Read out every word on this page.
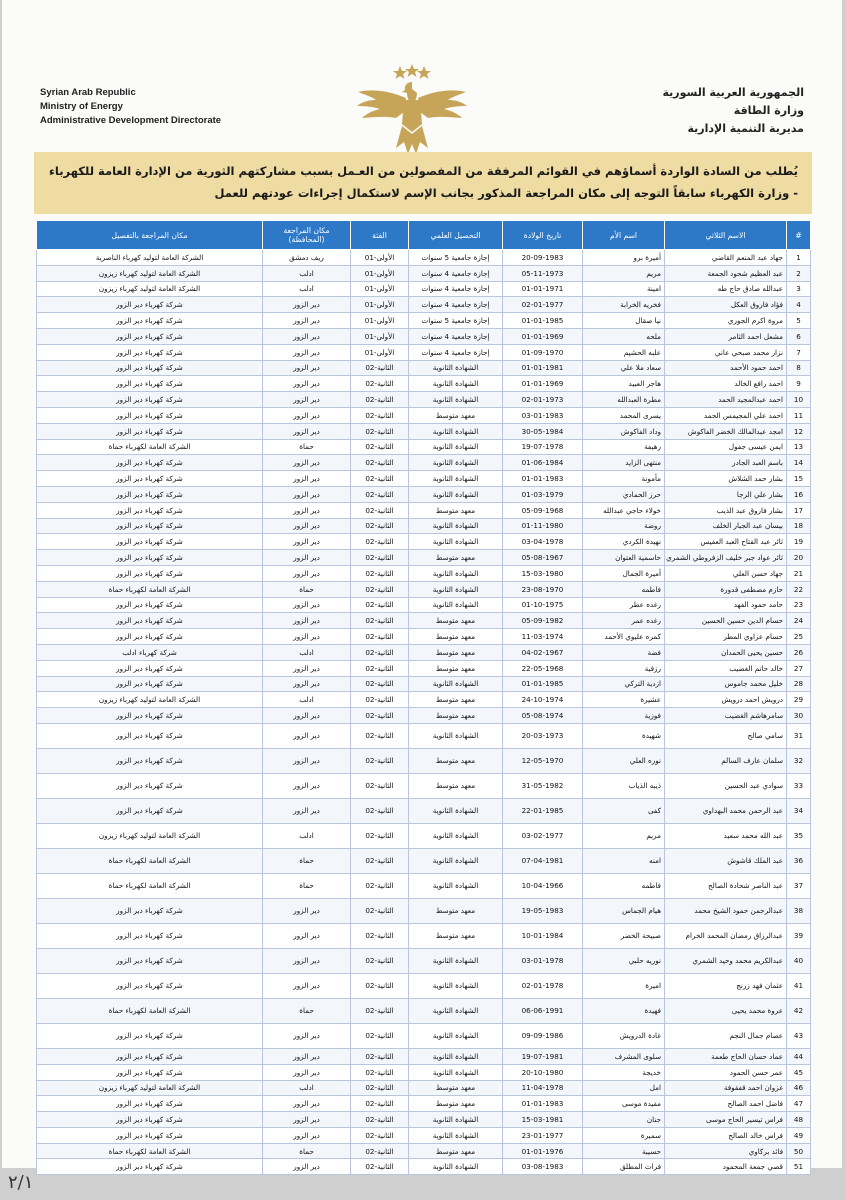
Syrian Arab Republic
Ministry of Energy
Administrative Development Directorate
الجمهورية العربية السورية
وزارة الطاقة
مديرية التنمية الإدارية
يُطلب من السادة الواردة أسماؤهم في القوائم المرفقة من المفصولين من العـمل بسبب مشاركتهم الثورية من الإدارة العامة للكهرباء - وزارة الكهرباء سابقاً التوجه إلى مكان المراجعة المذكور بجانب الإسم لاستكمال إجراءات عودتهم للعمل
#	الاسم الثلاثي	اسم الأم	تاريخ الولادة	التحصيل العلمي	الفئة	مكان المراجعة (المحافظة)	مكان المراجعة بالتفصيل
1	جهاد عبد المنعم القاضي	أميرة برو	20-09-1983	إجازة جامعية 5 سنوات	الأولى-01	ريف دمشق	الشركة العامة لتوليد كهرباء الناصرية
2	عبد العظيم شحود الجمعة	مريم	05-11-1973	إجازة جامعية 4 سنوات	الأولى-01	ادلب	الشركة العامة لتوليد كهرباء زيزون
3	عبدالله صادق حاج طه	امينة	01-01-1971	إجازة جامعية 4 سنوات	الأولى-01	ادلب	الشركة العامة لتوليد كهرباء زيزون
4	فؤاد فاروق العكل	فخريه الخرابة	02-01-1977	إجازة جامعية 4 سنوات	الأولى-01	دير الزور	شركة كهرباء دير الزور
5	مروة اكرم الجوري	نيا صقال	01-01-1985	إجازة جامعية 5 سنوات	الأولى-01	دير الزور	شركة كهرباء دير الزور
6	مشعل احمد الثامر	ملحه	01-01-1969	إجازة جامعية 4 سنوات	الأولى-01	دير الزور	شركة كهرباء دير الزور
7	نزار محمد صبحي عاني	علبه الحشيم	01-09-1970	إجازة جامعية 4 سنوات	الأولى-01	دير الزور	شركة كهرباء دير الزور
8	احمد حمود الأحمد	سعاد ملا علي	01-01-1981	الشهادة الثانوية	الثانية-02	دير الزور	شركة كهرباء دير الزور
9	احمد رافع الخالد	هاجر العبيد	01-01-1969	الشهادة الثانوية	الثانية-02	دير الزور	شركة كهرباء دير الزور
10	احمد عبدالمجيد الحمد	مطرة العبدالله	02-01-1973	الشهادة الثانوية	الثانية-02	دير الزور	شركة كهرباء دير الزور
11	احمد علي المجيمس الحمد	يسرى المحمد	03-01-1983	معهد متوسط	الثانية-02	دير الزور	شركة كهرباء دير الزور
12	امجد عبدالمالك الخضر الفاكوش	وداد الفاكوش	30-05-1984	الشهادة الثانوية	الثانية-02	دير الزور	شركة كهرباء دير الزور
13	ايمن عيسى جفول	رهيفة	19-07-1978	الشهادة الثانوية	الثانية-02	حماة	الشركة العامة لكهرباء حماة
14	باسم العبد الجادر	منتهى الزايد	01-06-1984	الشهادة الثانوية	الثانية-02	دير الزور	شركة كهرباء دير الزور
15	بشار حمد الشلاش	مأمونة	01-01-1983	الشهادة الثانوية	الثانية-02	دير الزور	شركة كهرباء دير الزور
16	بشار علي الرجا	حرز الحمادي	01-03-1979	الشهادة الثانوية	الثانية-02	دير الزور	شركة كهرباء دير الزور
17	بشار فاروق عبد الذيب	خولاء حاجي عبدالله	05-09-1968	معهد متوسط	الثانية-02	دير الزور	شركة كهرباء دير الزور
18	بيسان عبد الجبار الخلف	روضة	01-11-1980	الشهادة الثانوية	الثانية-02	دير الزور	شركة كهرباء دير الزور
19	ثائر عبد الفتاح العبد العفيس	نهيدة الكردي	03-04-1978	الشهادة الثانوية	الثانية-02	دير الزور	شركة كهرباء دير الزور
20	ثائر عواد جبر خليف الزفروطي الشمري	حاسمية العتوان	05-08-1967	معهد متوسط	الثانية-02	دير الزور	شركة كهرباء دير الزور
21	جهاد حسن العلي	أميرة الجمال	15-03-1980	الشهادة الثانوية	الثانية-02	دير الزور	شركة كهرباء دير الزور
22	حازم مصطفى قدورة	فاطمه	23-08-1970	الشهادة الثانوية	الثانية-02	حماة	الشركة العامة لكهرباء حماة
23	حامد حمود الفهد	رغده عطر	01-10-1975	الشهادة الثانوية	الثانية-02	دير الزور	شركة كهرباء دير الزور
24	حسام الدين حسين الحسين	رغده عمر	05-09-1982	معهد متوسط	الثانية-02	دير الزور	شركة كهرباء دير الزور
25	حسام عزاوي المطر	كمره عليوي الأحمد	11-03-1974	معهد متوسط	الثانية-02	دير الزور	شركة كهرباء دير الزور
26	حسين يحيى الحمدان	فضة	04-02-1967	معهد متوسط	الثانية-02	ادلب	شركة كهرباء ادلب
27	خالد حاتم الغضيب	رزقية	22-05-1968	معهد متوسط	الثانية-02	دير الزور	شركة كهرباء دير الزور
28	خليل محمد جاموس	ازدية التركي	01-01-1985	الشهادة الثانوية	الثانية-02	دير الزور	شركة كهرباء دير الزور
29	درويش احمد درويش	عشيرة	24-10-1974	معهد متوسط	الثانية-02	ادلب	الشركة العامة لتوليد كهرباء زيزون
30	سامرهاشم الغضيب	فوزية	05-08-1974	معهد متوسط	الثانية-02	دير الزور	شركة كهرباء دير الزور
31	سامي صالح	شهيدة	20-03-1973	الشهادة الثانوية	الثانية-02	دير الزور	شركة كهرباء دير الزور
32	سلمان عارف السالم	نوره العلي	12-05-1970	معهد متوسط	الثانية-02	دير الزور	شركة كهرباء دير الزور
33	سوادي عبد الحسين	ذيبه الذياب	31-05-1982	معهد متوسط	الثانية-02	دير الزور	شركة كهرباء دير الزور
34	عبد الرحمن محمد البهداوي	كفى	22-01-1985	الشهادة الثانوية	الثانية-02	دير الزور	شركة كهرباء دير الزور
35	عبد الله محمد سعيد	مريم	03-02-1977	الشهادة الثانوية	الثانية-02	ادلب	الشركة العامة لتوليد كهرباء زيزون
36	عبد الملك قاشوش	امنه	07-04-1981	الشهادة الثانوية	الثانية-02	حماة	الشركة العامة لكهرباء حماة
37	عبد الناصر شحادة الصالح	فاطمه	10-04-1966	الشهادة الثانوية	الثانية-02	حماة	الشركة العامة لكهرباء حماة
38	عبدالرحمن حمود الشيخ محمد	هيام الجماس	19-05-1983	معهد متوسط	الثانية-02	دير الزور	شركة كهرباء دير الزور
39	عبدالرزاق رمضان المحمد الخرام	صبيحة الخضر	10-01-1984	معهد متوسط	الثانية-02	دير الزور	شركة كهرباء دير الزور
40	عبدالكريم محمد وحيد الشمري	نوريه حلبي	03-01-1978	الشهادة الثانوية	الثانية-02	دير الزور	شركة كهرباء دير الزور
41	عثمان فهد زرنج	اميرة	02-01-1978	الشهادة الثانوية	الثانية-02	دير الزور	شركة كهرباء دير الزور
42	عروة محمد يحيى	فهيدة	06-06-1991	الشهادة الثانوية	الثانية-02	حماة	الشركة العامة لكهرباء حماة
43	عصام جمال النجم	غادة الدرويش	09-09-1986	الشهادة الثانوية	الثانية-02	دير الزور	شركة كهرباء دير الزور
44	عماد حسان الحاج طعمة	سلوى المشرف	19-07-1981	الشهادة الثانوية	الثانية-02	دير الزور	شركة كهرباء دير الزور
45	عمر حسن الحمود	خديجة	20-10-1980	الشهادة الثانوية	الثانية-02	دير الزور	شركة كهرباء دير الزور
46	غزوان احمد قفقوفة	امل	11-04-1978	معهد متوسط	الثانية-02	ادلب	الشركة العامة لتوليد كهرباء زيزون
47	فاضل احمد الصالح	مفيدة موسى	01-01-1983	معهد متوسط	الثانية-02	دير الزور	شركة كهرباء دير الزور
48	فراس تيسير الحاج موسى	جنان	15-03-1981	الشهادة الثانوية	الثانية-02	دير الزور	شركة كهرباء دير الزور
49	فراس خالد الصالح	سميرة	23-01-1977	الشهادة الثانوية	الثانية-02	دير الزور	شركة كهرباء دير الزور
50	فائد بركاوي	حسيبة	01-01-1976	معهد متوسط	الثانية-02	حماة	الشركة العامة لكهرباء حماة
51	قصي جمعة المحمود	فرات المطلق	03-08-1983	الشهادة الثانوية	الثانية-02	دير الزور	شركة كهرباء دير الزور
٢/١
